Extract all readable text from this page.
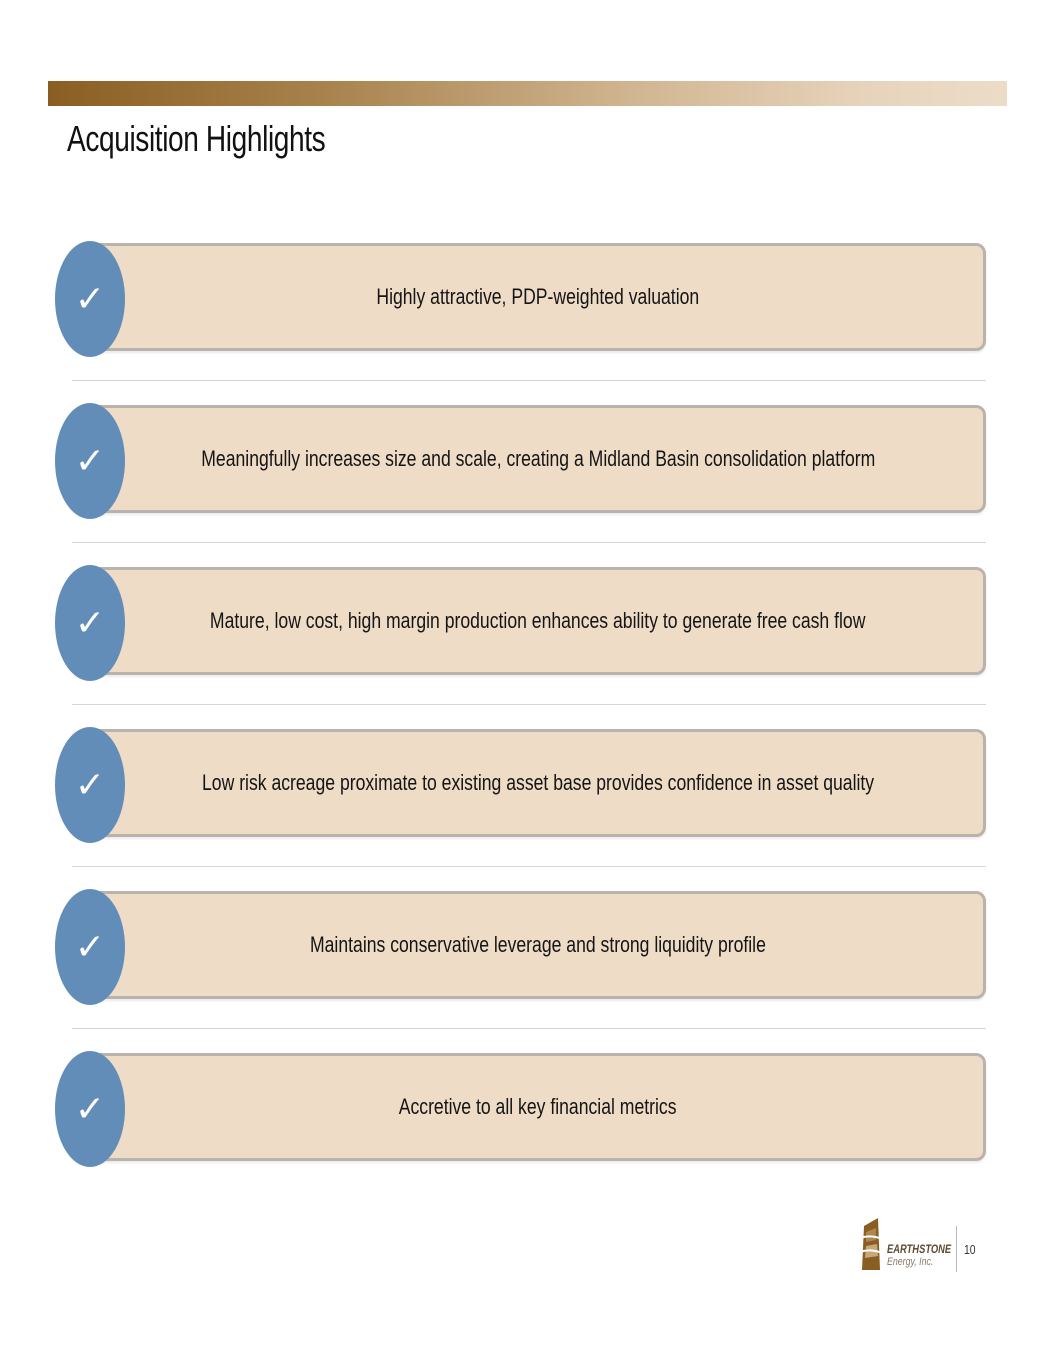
Acquisition Highlights
✓	Highly attractive, PDP-weighted valuation
✓	Meaningfully increases size and scale, creating a Midland Basin consolidation platform
✓	Mature, low cost, high margin production enhances ability to generate free cash flow
✓	Low risk acreage proximate to existing asset base provides confidence in asset quality
✓	Maintains conservative leverage and strong liquidity profile
✓	Accretive to all key financial metrics
EARTHSTONE
Energy, Inc.
10
